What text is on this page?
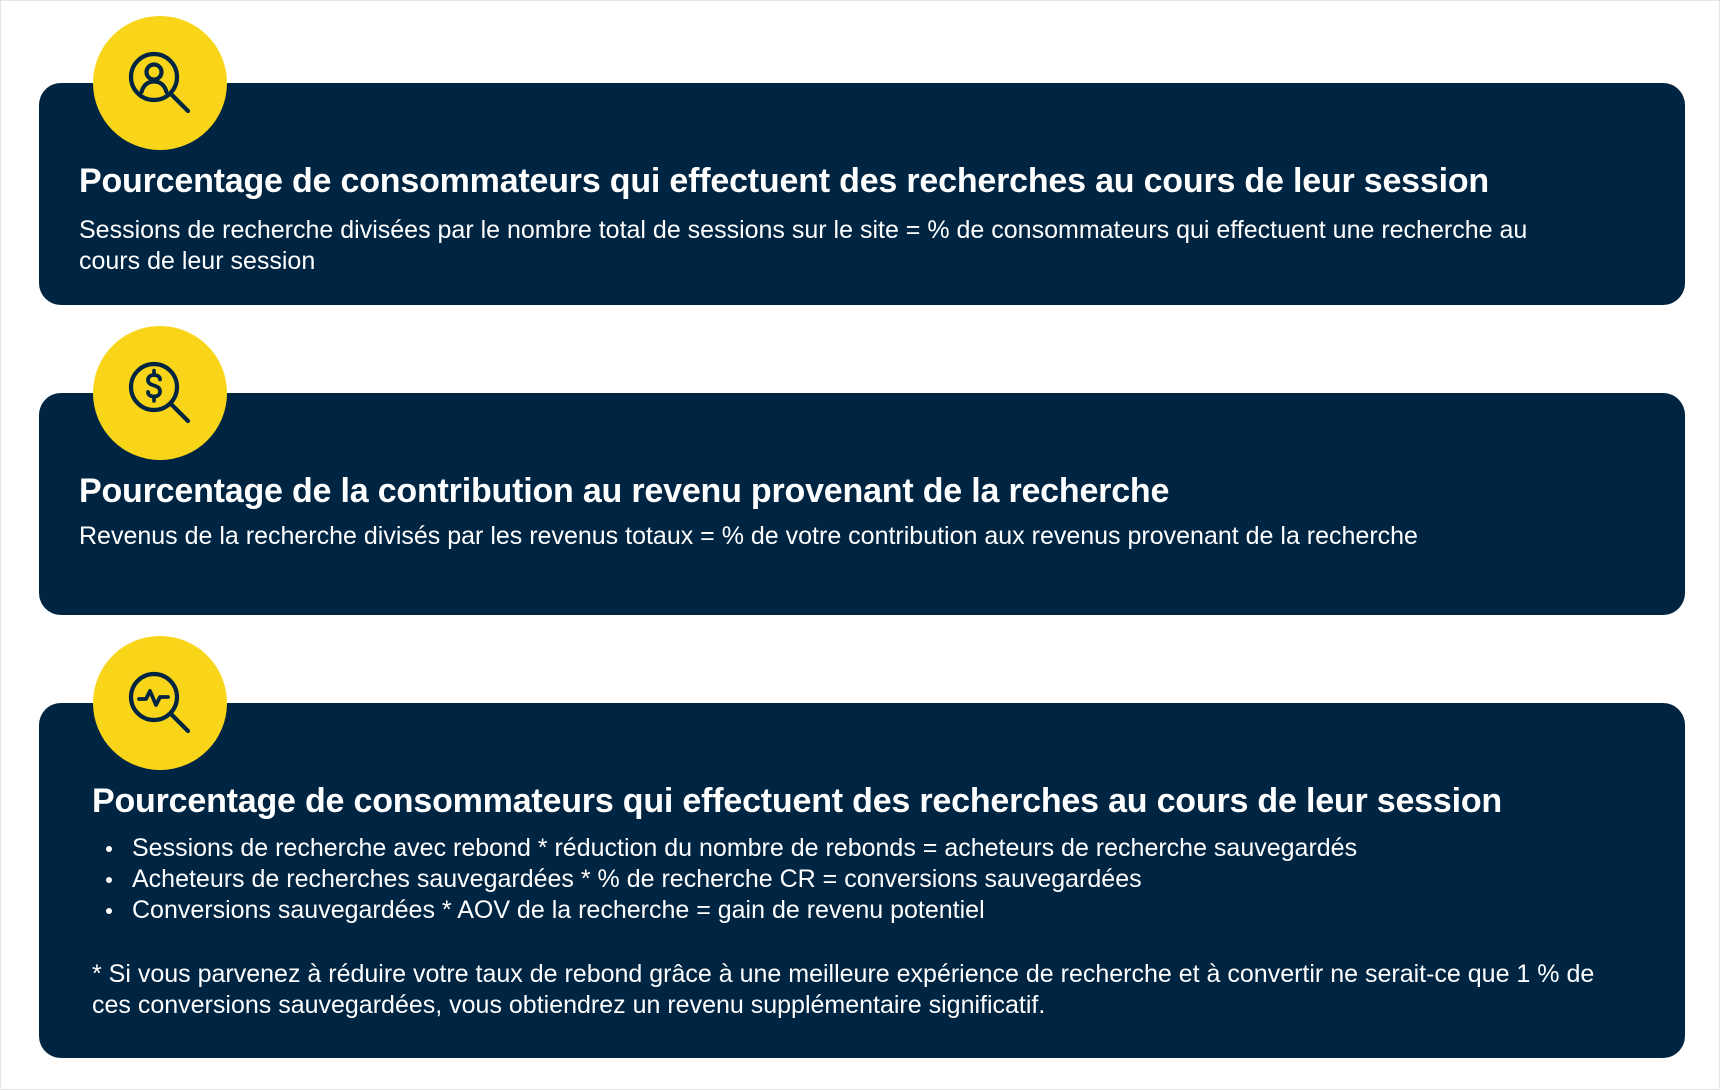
Pourcentage de consommateurs qui effectuent des recherches au cours de leur session

Sessions de recherche divisées par le nombre total de sessions sur le site = % de consommateurs qui effectuent une recherche au cours de leur session

Pourcentage de la contribution au revenu provenant de la recherche

Revenus de la recherche divisés par les revenus totaux = % de votre contribution aux revenus provenant de la recherche

Pourcentage de consommateurs qui effectuent des recherches au cours de leur session
Sessions de recherche avec rebond * réduction du nombre de rebonds = acheteurs de recherche sauvegardés
Acheteurs de recherches sauvegardées * % de recherche CR = conversions sauvegardées
Conversions sauvegardées * AOV de la recherche = gain de revenu potentiel

* Si vous parvenez à réduire votre taux de rebond grâce à une meilleure expérience de recherche et à convertir ne serait-ce que 1 % de ces conversions sauvegardées, vous obtiendrez un revenu supplémentaire significatif.
